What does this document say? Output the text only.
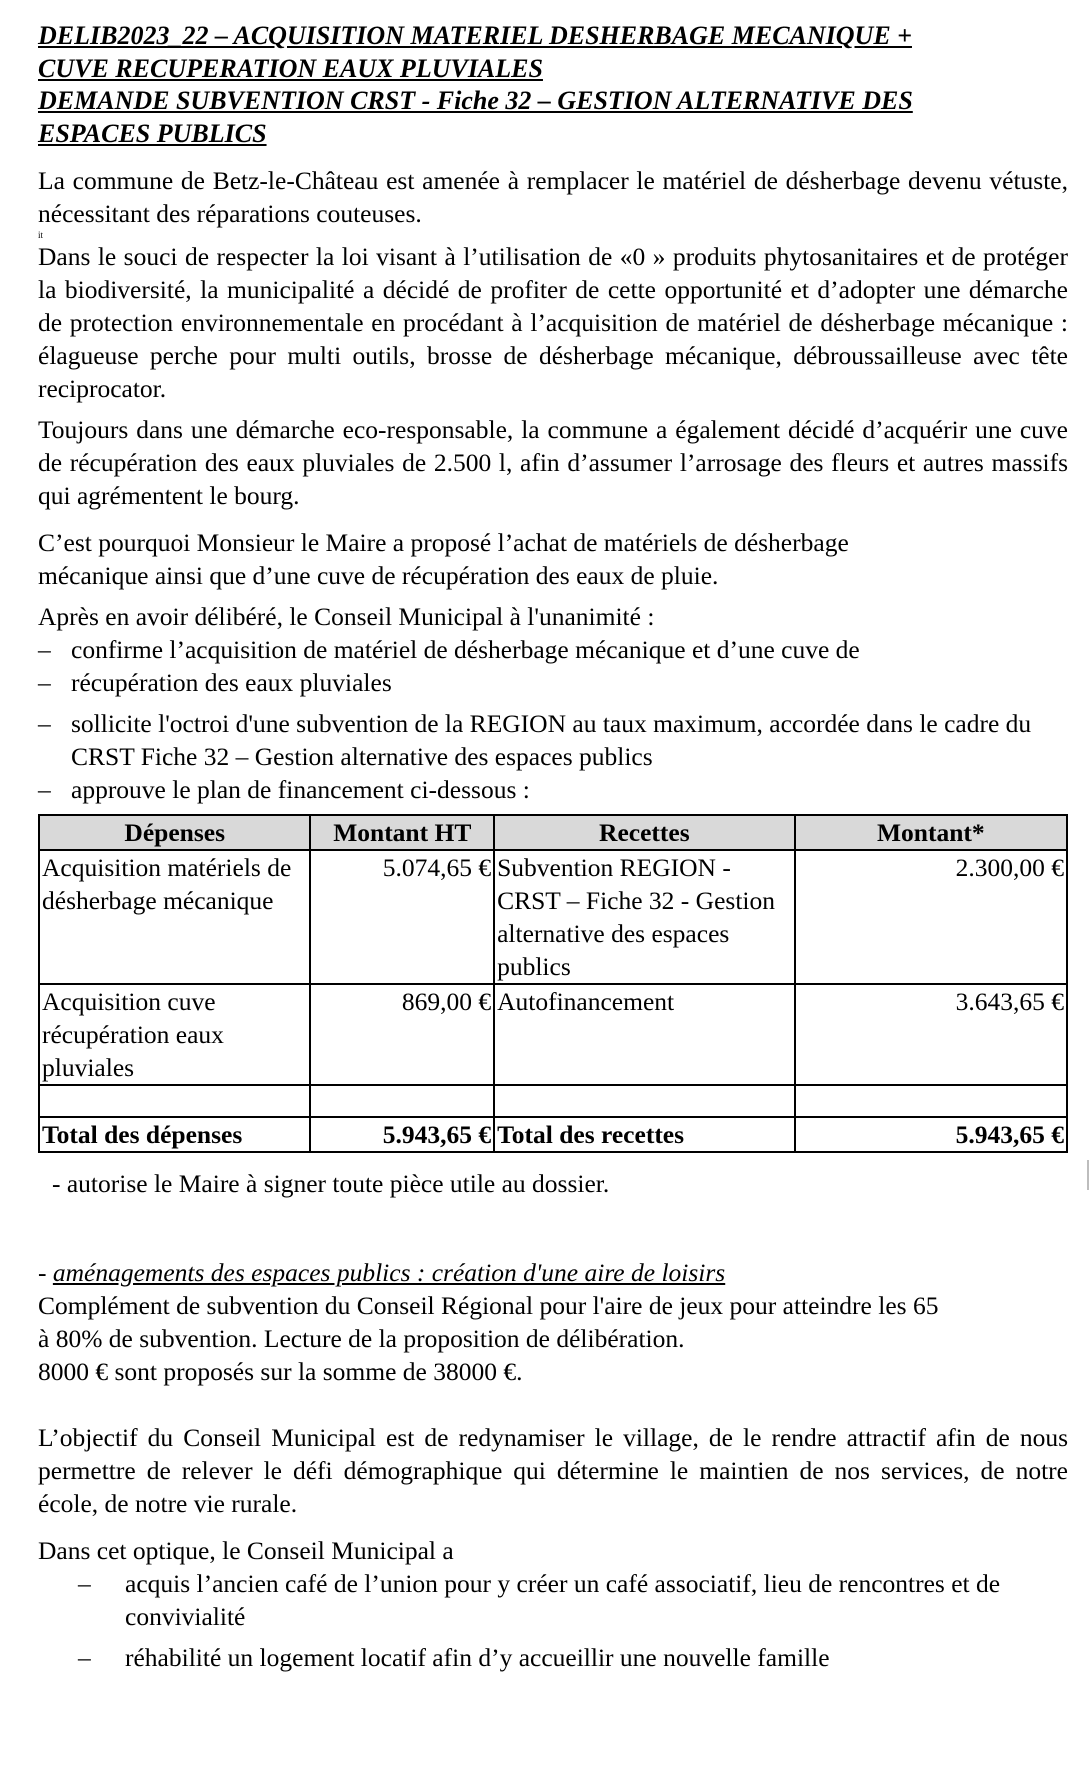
DELIB2023_22 – ACQUISITION MATERIEL DESHERBAGE MECANIQUE +
CUVE RECUPERATION EAUX PLUVIALES
DEMANDE SUBVENTION CRST - Fiche 32 – GESTION ALTERNATIVE DES
ESPACES PUBLICS

La commune de Betz-le-Château est amenée à remplacer le matériel de désherbage devenu vétuste, nécessitant des réparations couteuses.

it

Dans le souci de respecter la loi visant à l’utilisation de «0 » produits phytosanitaires et de protéger la biodiversité, la municipalité a décidé de profiter de cette opportunité et d’adopter une démarche de protection environnementale en procédant à l’acquisition de matériel de désherbage mécanique : élagueuse perche pour multi outils, brosse de désherbage mécanique, débroussailleuse avec tête reciprocator.

Toujours dans une démarche eco-responsable, la commune a également décidé d’acquérir une cuve de récupération des eaux pluviales de 2.500 l, afin d’assumer l’arrosage des fleurs et autres massifs qui agrémentent le bourg.

C’est pourquoi Monsieur le Maire a proposé l’achat de matériels de désherbage

mécanique ainsi que d’une cuve de récupération des eaux de pluie.

Après en avoir délibéré, le Conseil Municipal à l'unanimité :

– confirme l’acquisition de matériel de désherbage mécanique et d’une cuve de
– récupération des eaux pluviales
– sollicite l'octroi d'une subvention de la REGION au taux maximum, accordée dans le cadre du CRST Fiche 32 – Gestion alternative des espaces publics
– approuve le plan de financement ci-dessous :
Dépenses	Montant HT	Recettes	Montant*
Acquisition matériels de désherbage mécanique	5.074,65 €	Subvention REGION - CRST – Fiche 32 - Gestion alternative des espaces publics	2.300,00 €
Acquisition cuve récupération eaux pluviales	869,00 €	Autofinancement	3.643,65 €

Total des dépenses	5.943,65 €	Total des recettes	5.943,65 €

- autorise le Maire à signer toute pièce utile au dossier.

- aménagements des espaces publics : création d'une aire de loisirs

Complément de subvention du Conseil Régional pour l'aire de jeux pour atteindre les 65

à 80% de subvention. Lecture de la proposition de délibération.

8000 € sont proposés sur la somme de 38000 €.

L’objectif du Conseil Municipal est de redynamiser le village, de le rendre attractif afin de nous permettre de relever le défi démographique qui détermine le maintien de nos services, de notre école, de notre vie rurale.

Dans cet optique, le Conseil Municipal a

– acquis l’ancien café de l’union pour y créer un café associatif, lieu de rencontres et de convivialité
– réhabilité un logement locatif afin d’y accueillir une nouvelle famille
